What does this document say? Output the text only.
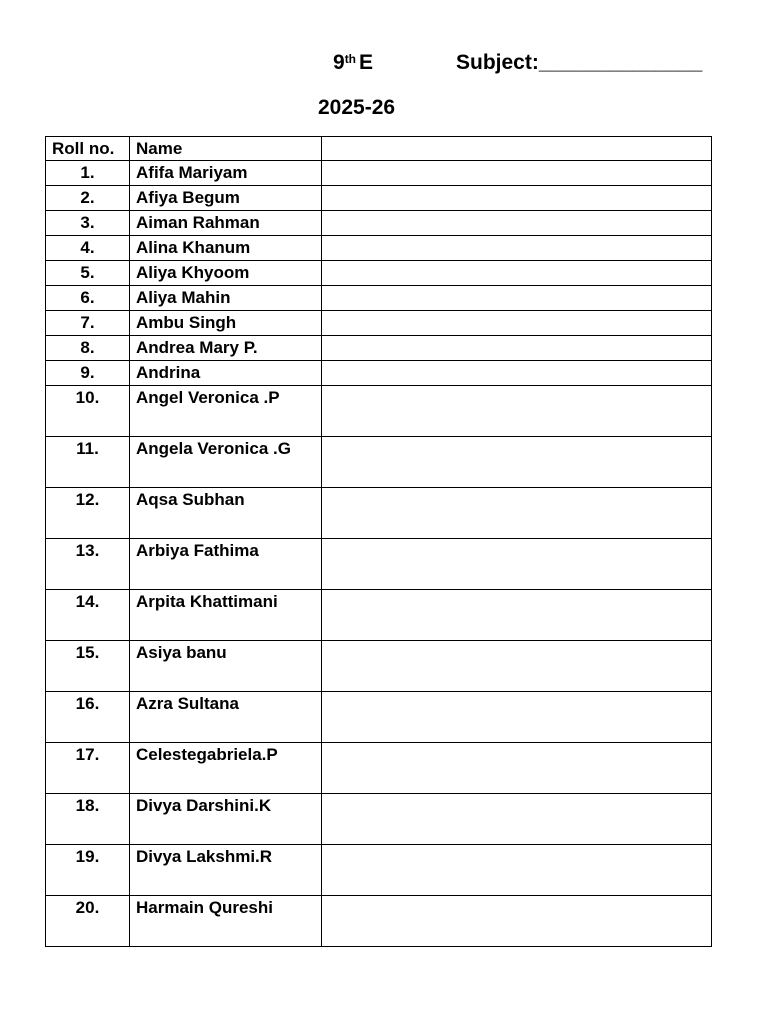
9th E	Subject:______________
2025-26
Roll no.	Name	
1.	Afifa Mariyam	
2.	Afiya Begum	
3.	Aiman Rahman	
4.	Alina Khanum	
5.	Aliya Khyoom	
6.	Aliya Mahin	
7.	Ambu Singh	
8.	Andrea Mary P.	
9.	Andrina	
10.	Angel Veronica .P	
11.	Angela Veronica .G	
12.	Aqsa Subhan	
13.	Arbiya Fathima	
14.	Arpita Khattimani	
15.	Asiya banu	
16.	Azra Sultana	
17.	Celestegabriela.P	
18.	Divya Darshini.K	
19.	Divya Lakshmi.R	
20.	Harmain Qureshi	
